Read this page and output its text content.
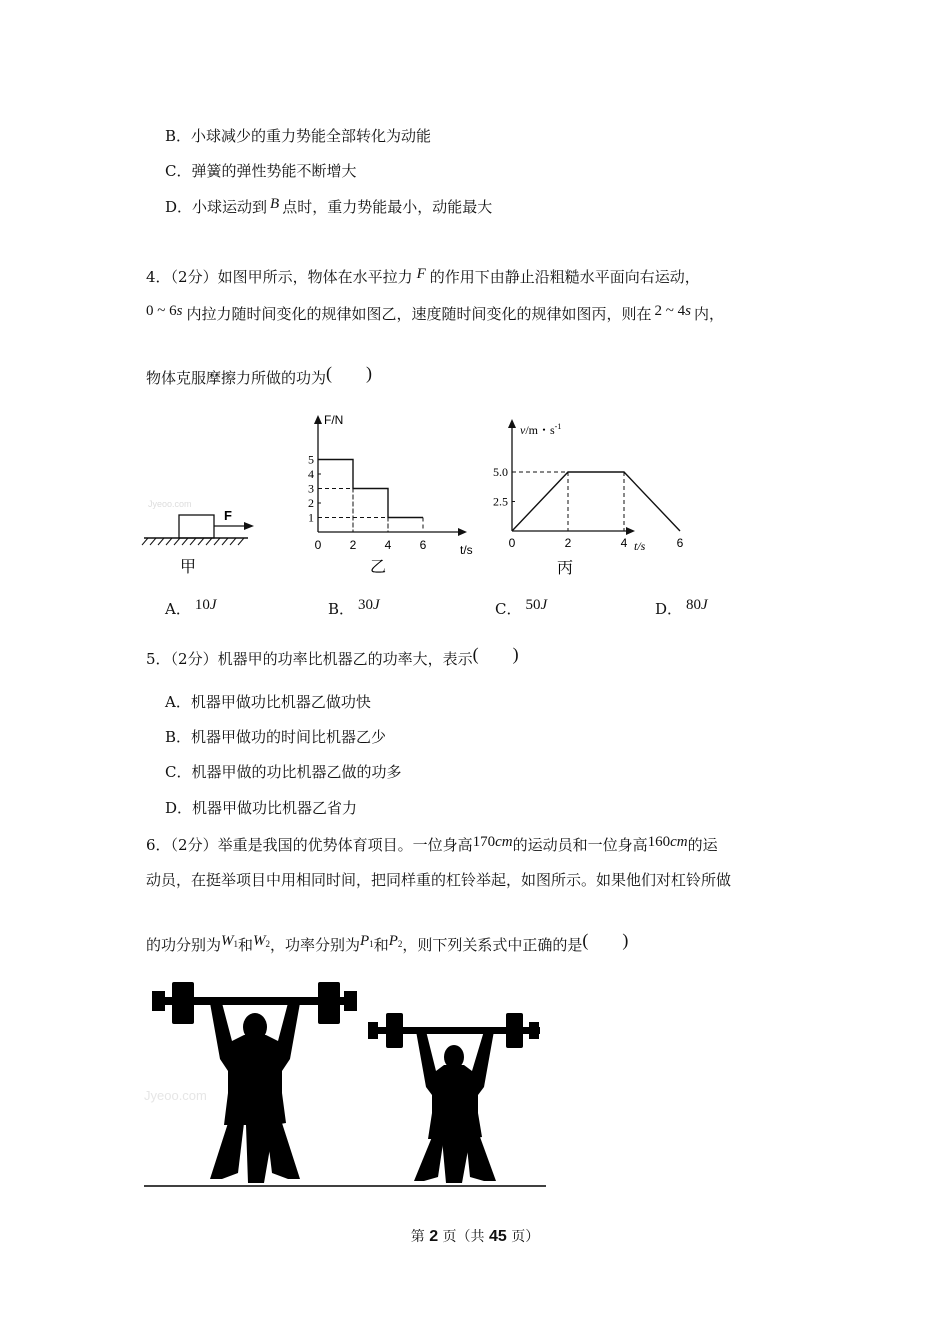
B．小球减少的重力势能全部转化为动能
C．弹簧的弹性势能不断增大
D．小球运动到 B 点时，重力势能最小，动能最大
4．（2分）如图甲所示，物体在水平拉力 F 的作用下由静止沿粗糙水平面向右运动，
0 ~ 6s 内拉力随时间变化的规律如图乙，速度随时间变化的规律如图丙，则在 2 ~ 4s 内，
物体克服摩擦力所做的功为( )
Jyeoo.com
F
甲
F/N
t/s
乙
0 2 4 6
1
2
3
4
5
v/m・$s^{-1}$
t/s
丙
0	2	4	6
2.5
5.0
A． 10J	B． 30J	C． 50J	D． 80J
5．（2分）机器甲的功率比机器乙的功率大，表示( )
A．机器甲做功比机器乙做功快
B．机器甲做功的时间比机器乙少
C．机器甲做的功比机器乙做的功多
D．机器甲做功比机器乙省力
6．（2分）举重是我国的优势体育项目。一位身高170cm的运动员和一位身高160cm的运
动员，在挺举项目中用相同时间，把同样重的杠铃举起，如图所示。如果他们对杠铃所做
的功分别为$W_1$和$W_2$，功率分别为$P_1$和$P_2$，则下列关系式中正确的是( )
Jyeoo.com
第 2 页（共 45 页）
